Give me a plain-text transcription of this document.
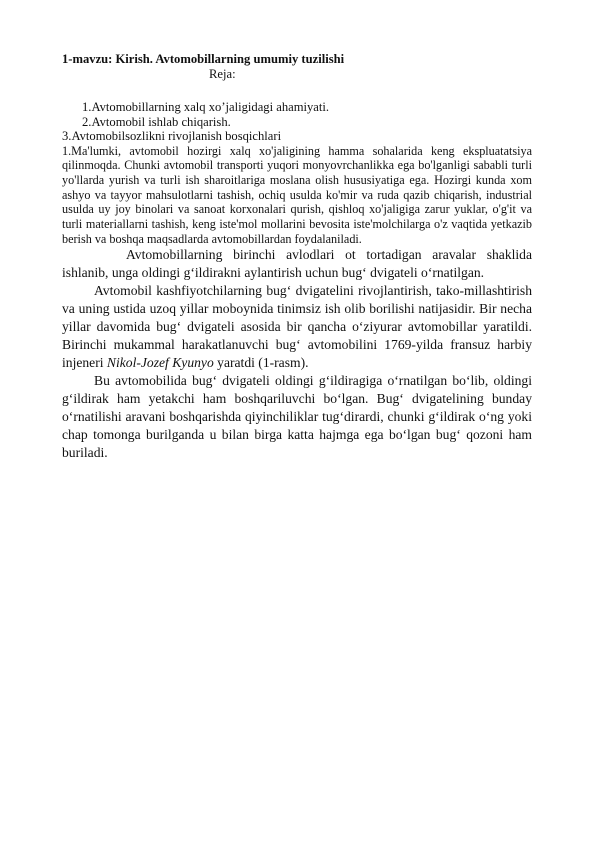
1-mavzu: Kirish. Avtomobillarning umumiy tuzilishi
Reja:
1.Avtomobillarning xalq xo’jaligidagi ahamiyati.
2.Avtomobil ishlab chiqarish.
3.Avtomobilsozlikni rivojlanish bosqichlari

1.Ma'lumki, avtomobil hozirgi xalq xo'jaligining hamma sohalarida keng ekspluatatsiya qilinmoqda. Chunki avtomobil transporti yuqori monyovrchanlikka ega bo'lganligi sababli turli yo'llarda yurish va turli ish sharoitlariga moslana olish hususiyatiga ega. Hozirgi kunda xom ashyo va tayyor mahsulotlarni tashish, ochiq usulda ko'mir va ruda qazib chiqarish, industrial usulda uy joy binolari va sanoat korxonalari qurish, qishloq xo'jaligiga zarur yuklar, o'g'it va turli materiallarni tashish, keng iste'mol mollarini bevosita iste'molchilarga o'z vaqtida yetkazib berish va boshqa maqsadlarda avtomobillardan foydalaniladi.

Avtomobillarning birinchi avlodlari ot tortadigan aravalar shaklida ishlanib, unga oldingi g‘ildirakni aylantirish uchun bug‘ dvigateli o‘rnatilgan.

Avtomobil kashfiyotchilarning bug‘ dvigatelini rivojlantirish, tako-millashtirish va uning ustida uzoq yillar moboynida tinimsiz ish olib borilishi natijasidir. Bir necha yillar davomida bug‘ dvigateli asosida bir qancha o‘ziyurar avtomobillar yaratildi. Birinchi mukammal harakatlanuvchi bug‘ avtomobilini 1769-yilda fransuz harbiy injeneri Nikol-Jozef Kyunyo yaratdi (1-rasm).

Bu avtomobilida bug‘ dvigateli oldingi g‘ildiragiga o‘rnatilgan bo‘lib, oldingi g‘ildirak ham yetakchi ham boshqariluvchi bo‘lgan. Bug‘ dvigatelining bunday o‘rnatilishi aravani boshqarishda qiyinchiliklar tug‘dirardi, chunki g‘ildirak o‘ng yoki chap tomonga burilganda u bilan birga katta hajmga ega bo‘lgan bug‘ qozoni ham buriladi.
